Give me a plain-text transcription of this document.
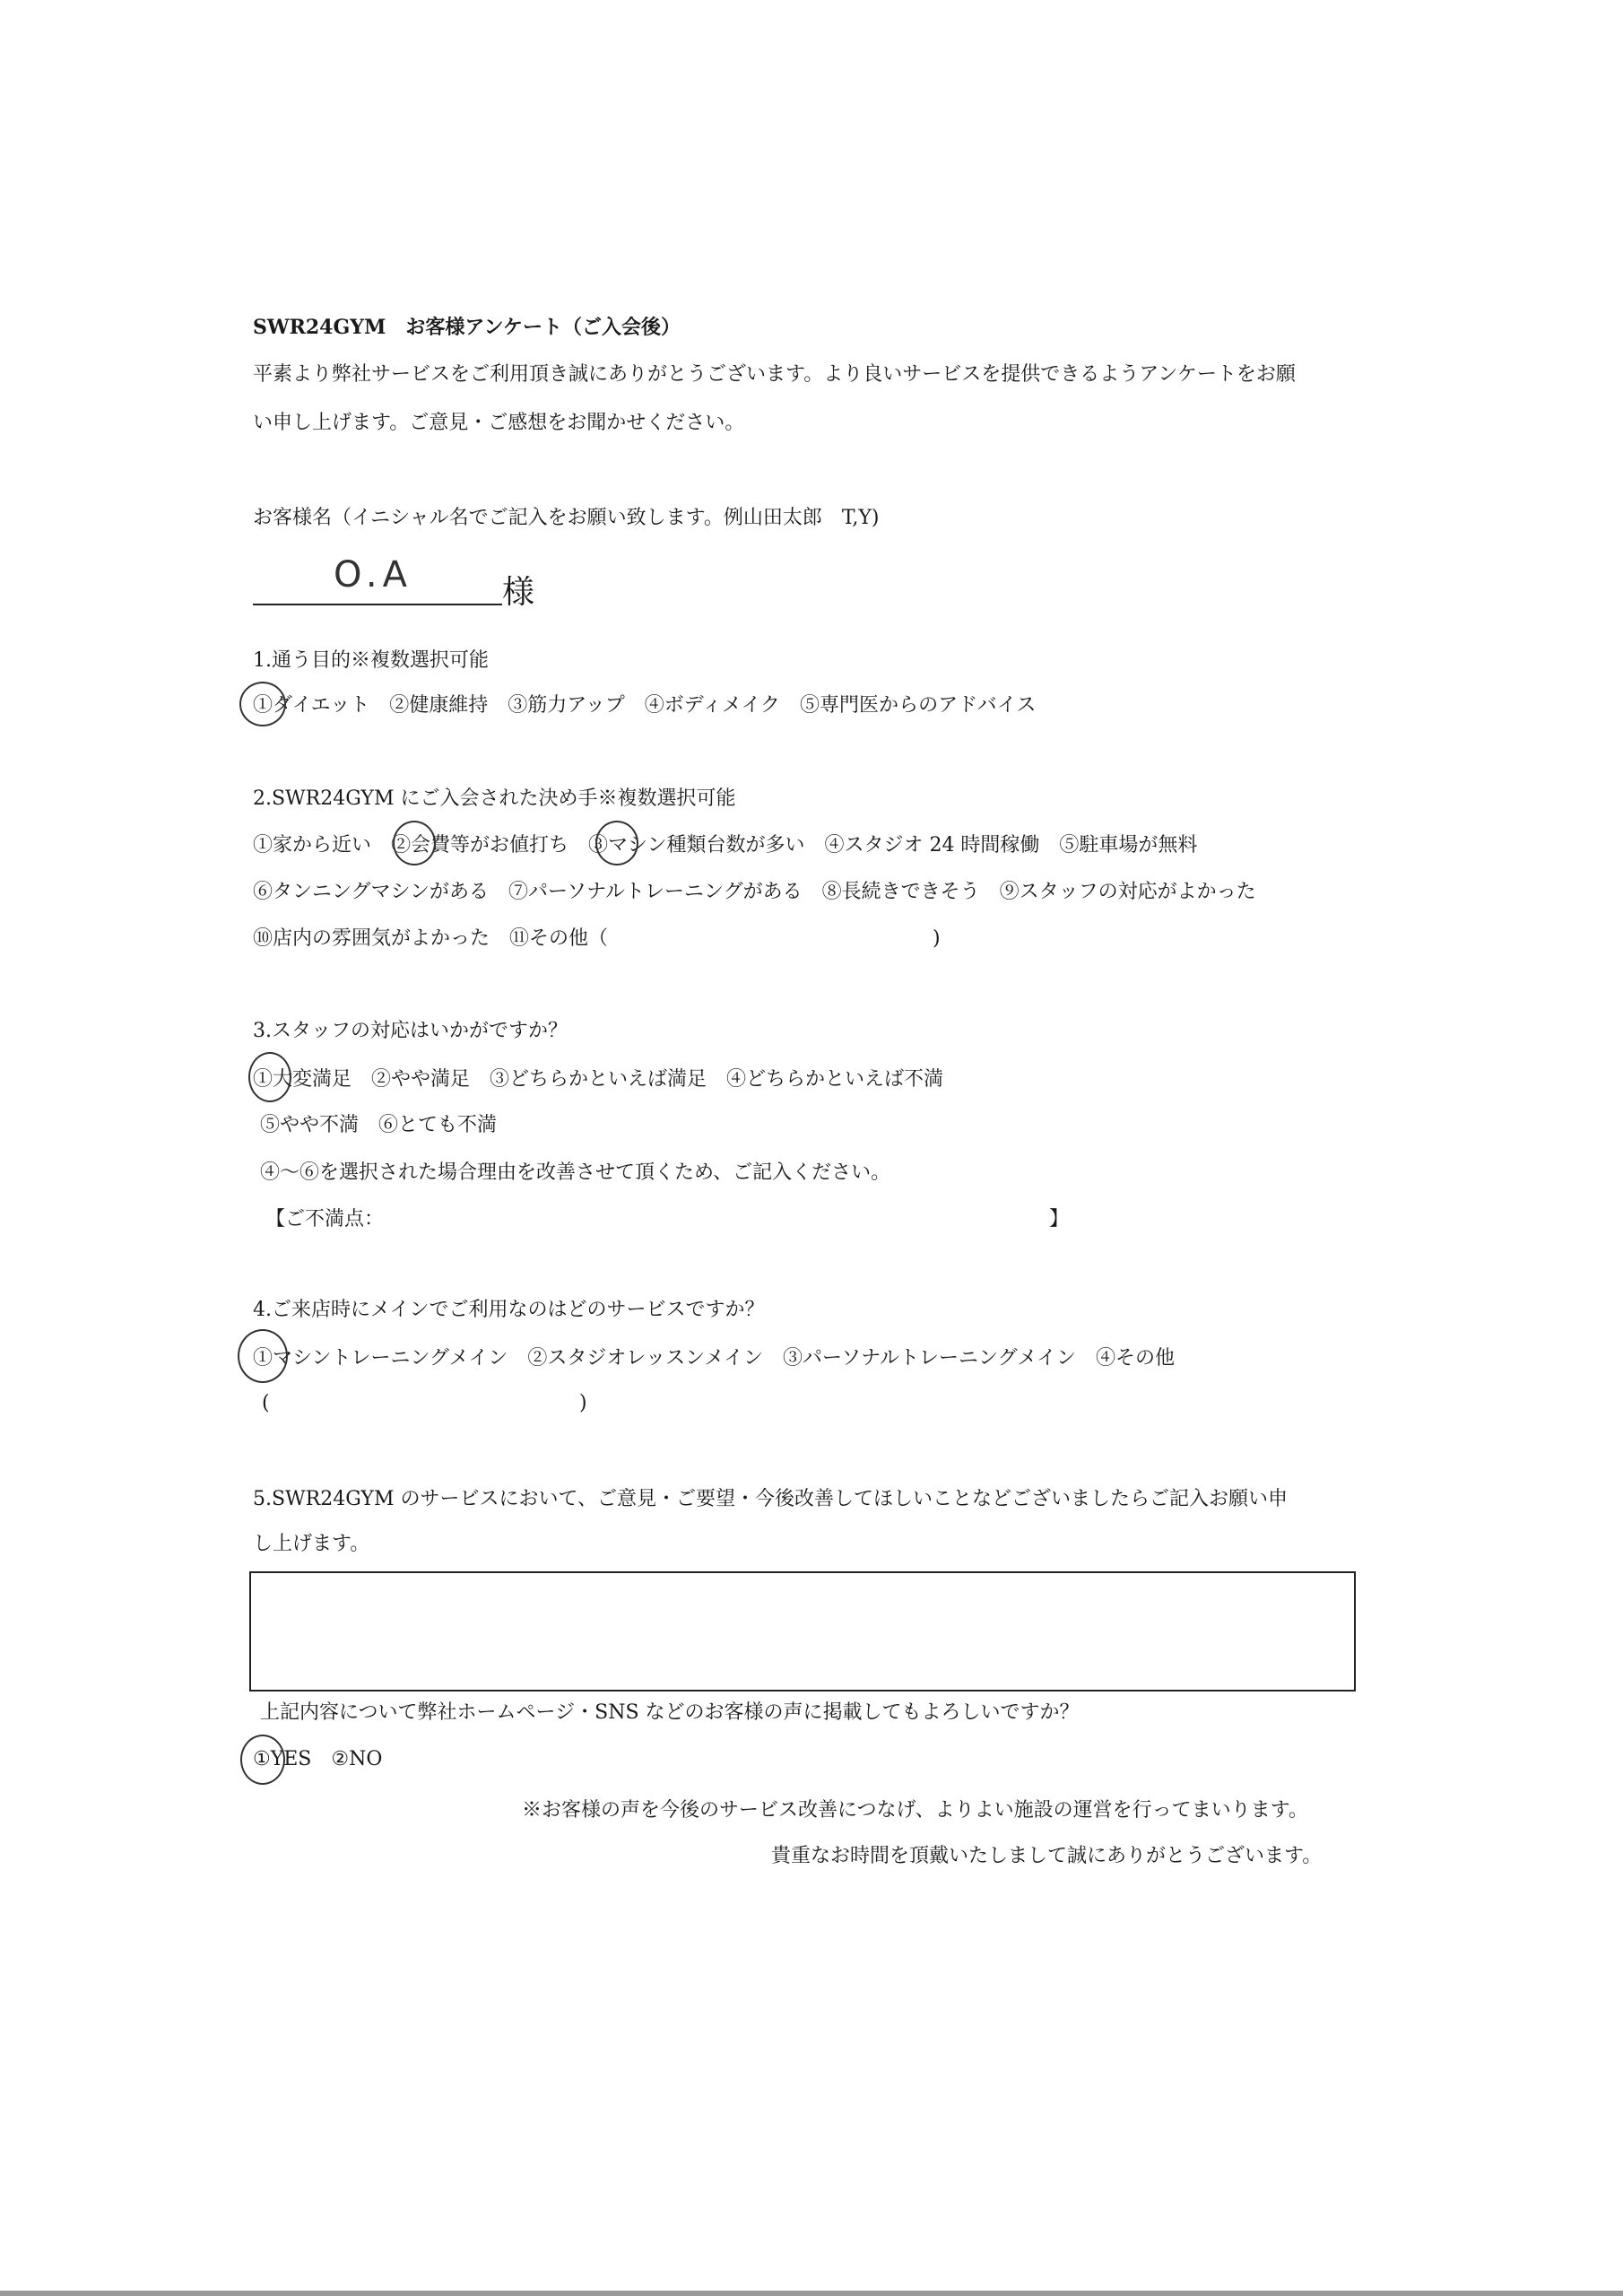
SWR24GYM　お客様アンケート（ご入会後）
平素より弊社サービスをご利用頂き誠にありがとうございます。より良いサービスを提供できるようアンケートをお願
い申し上げます。ご意見・ご感想をお聞かせください。
お客様名（イニシャル名でご記入をお願い致します。例山田太郎　T,Y)
O.A	様
1.通う目的※複数選択可能
①ダイエット　②健康維持　③筋力アップ　④ボディメイク　⑤専門医からのアドバイス
2.SWR24GYM にご入会された決め手※複数選択可能
①家から近い　②会費等がお値打ち　③マシン種類台数が多い　④スタジオ 24 時間稼働　⑤駐車場が無料
⑥タンニングマシンがある　⑦パーソナルトレーニングがある　⑧長続きできそう　⑨スタッフの対応がよかった
⑩店内の雰囲気がよかった　⑪その他（	)
3.スタッフの対応はいかがですか？
①大変満足　②やや満足　③どちらかといえば満足　④どちらかといえば不満
⑤やや不満　⑥とても不満
④～⑥を選択された場合理由を改善させて頂くため、ご記入ください。
【ご不満点：	】
4.ご来店時にメインでご利用なのはどのサービスですか？
①マシントレーニングメイン　②スタジオレッスンメイン　③パーソナルトレーニングメイン　④その他
(	)
5.SWR24GYM のサービスにおいて、ご意見・ご要望・今後改善してほしいことなどございましたらご記入お願い申
し上げます。
上記内容について弊社ホームページ・SNS などのお客様の声に掲載してもよろしいですか？
①YES　②NO
※お客様の声を今後のサービス改善につなげ、よりよい施設の運営を行ってまいります。
貴重なお時間を頂戴いたしまして誠にありがとうございます。
